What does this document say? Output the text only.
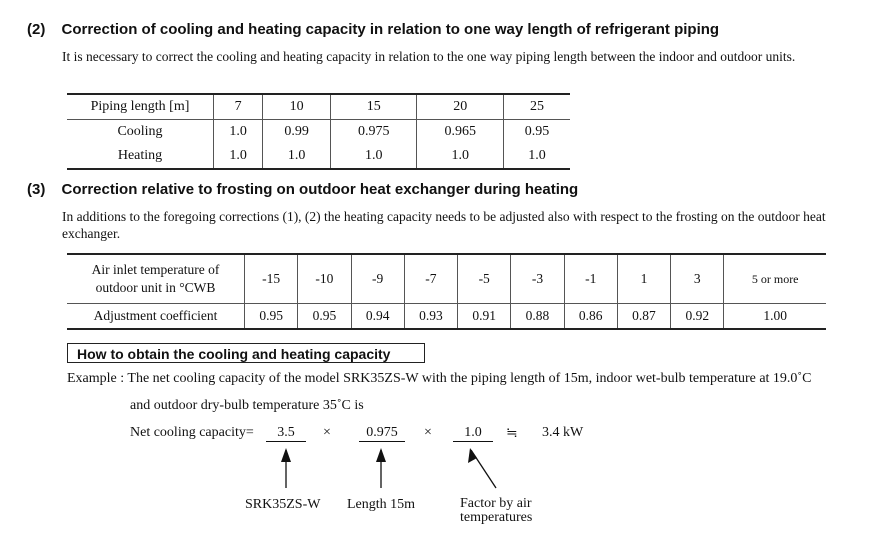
(2) Correction of cooling and heating capacity in relation to one way length of refrigerant piping
It is necessary to correct the cooling and heating capacity in relation to the one way piping length between the indoor and outdoor units.
Piping length [m]	7	10	15	20	25
Cooling	1.0	0.99	0.975	0.965	0.95
Heating	1.0	1.0	1.0	1.0	1.0
(3) Correction relative to frosting on outdoor heat exchanger during heating
In additions to the foregoing corrections (1), (2) the heating capacity needs to be adjusted also with respect to the frosting on the outdoor heat exchanger.
Air inlet temperature of
outdoor unit in °CWB	-15	-10	-9	-7	-5	-3	-1	1	3	5 or more
Adjustment coefficient	0.95	0.95	0.94	0.93	0.91	0.88	0.86	0.87	0.92	1.00
How to obtain the cooling and heating capacity
Example : The net cooling capacity of the model SRK35ZS-W with the piping length of 15m, indoor wet-bulb temperature at 19.0˚C
and outdoor dry-bulb temperature 35˚C is
Net cooling capacity=	3.5	×	0.975	×	1.0	≒ 3.4 kW
SRK35ZS-W Length 15m	Factor by air
temperatures
